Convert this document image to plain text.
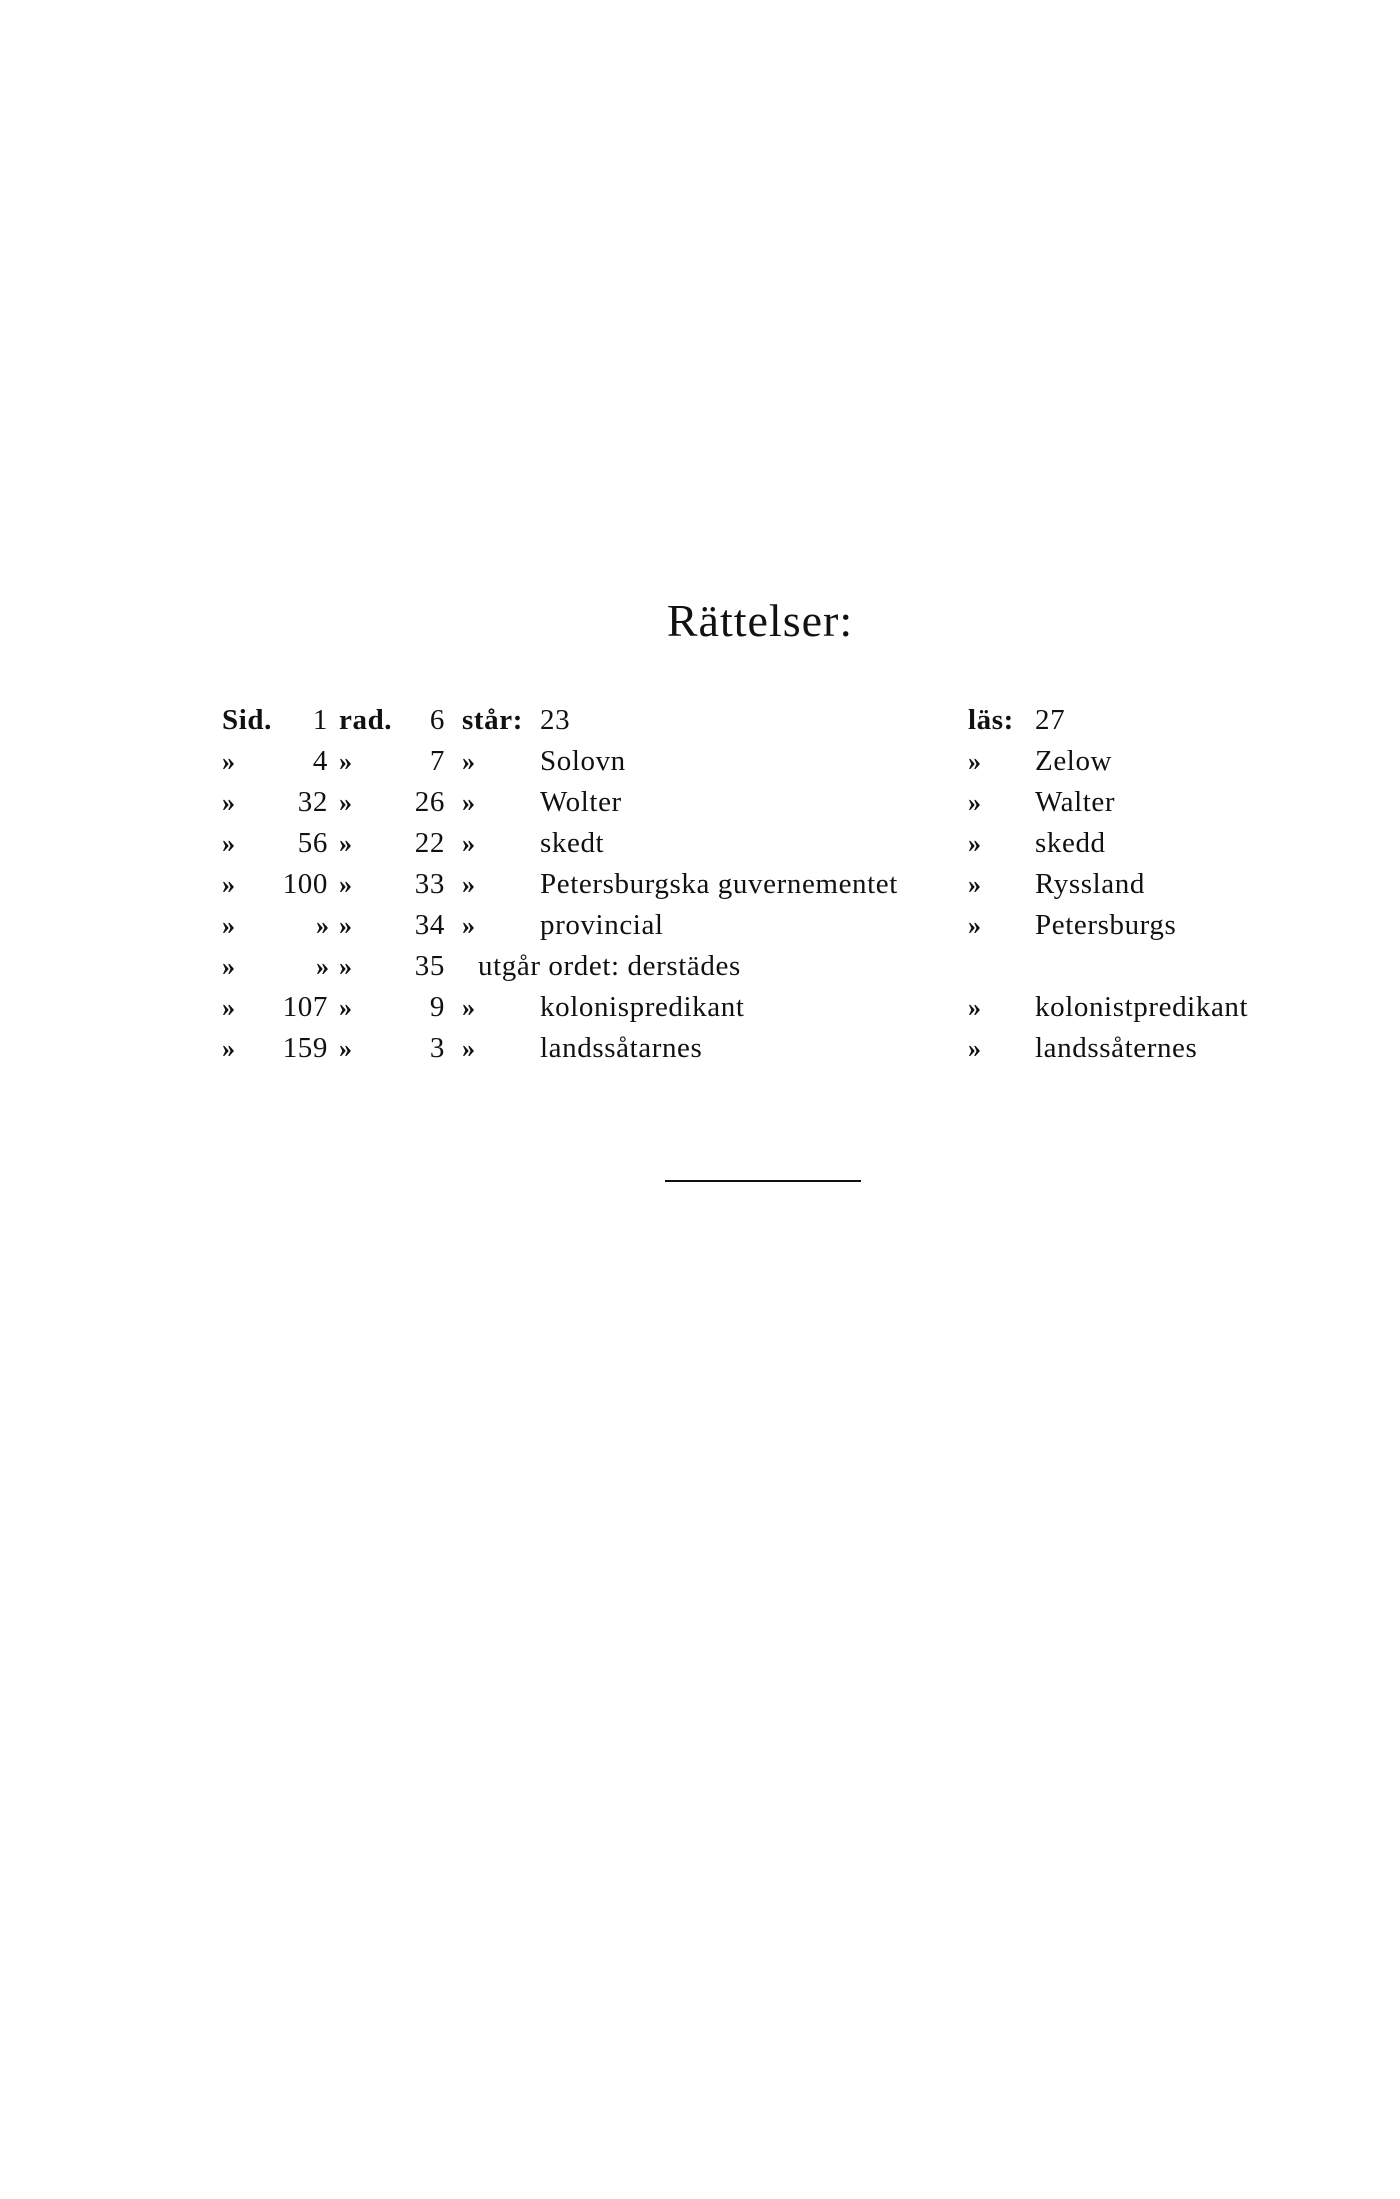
Rättelser:
Sid.	1 rad.	6 står: 23	läs: 27
»	4 »	7 » Solovn	» Zelow
»	32 »	26 » Wolter	» Walter
»	56 »	22 » skedt	» skedd
»	100 »	33 » Petersburgska guvernementet	» Ryssland
»	» »	34 » provincial	» Petersburgs
»	» »	35 utgår ordet: derstädes
»	107 »	9 » kolonispredikant	» kolonistpredikant
»	159 »	3 » landssåtarnes	» landssåternes
